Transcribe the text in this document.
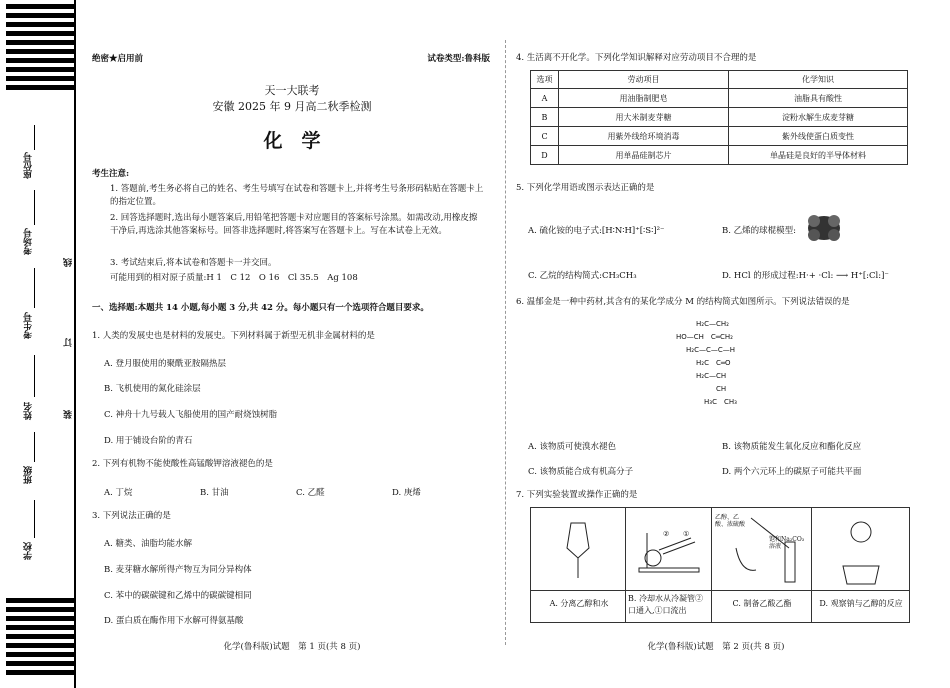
座位号
考场号
考生号
姓名
班级
学校
线
订
装
绝密★启用前	试卷类型:鲁科版
天一大联考
安徽 2025 年 9 月高二秋季检测
化　学
考生注意:
1. 答题前,考生务必将自己的姓名、考生号填写在试卷和答题卡上,并将考生号条形码粘贴在答题卡上的指定位置。
2. 回答选择题时,选出每小题答案后,用铅笔把答题卡对应题目的答案标号涂黑。如需改动,用橡皮擦干净后,再选涂其他答案标号。回答非选择题时,将答案写在答题卡上。写在本试卷上无效。
3. 考试结束后,将本试卷和答题卡一并交回。
可能用到的相对原子质量:H 1　C 12　O 16　Cl 35.5　Ag 108
一、选择题:本题共 14 小题,每小题 3 分,共 42 分。每小题只有一个选项符合题目要求。
1. 人类的发展史也是材料的发展史。下列材料属于新型无机非金属材料的是
A. 登月服使用的聚酰亚胺隔热层
B. 飞机使用的氮化硅涂层
C. 神舟十九号载人飞船使用的国产耐烧蚀树脂
D. 用于铺设台阶的青石
2. 下列有机物不能使酸性高锰酸钾溶液褪色的是
A. 丁烷	B. 甘油	C. 乙醛	D. 庚烯
3. 下列说法正确的是
A. 糖类、油脂均能水解
B. 麦芽糖水解所得产物互为同分异构体
C. 苯中的碳碳键和乙烯中的碳碳键相同
D. 蛋白质在酶作用下水解可得氨基酸
化学(鲁科版)试题　第 1 页(共 8 页)
4. 生活离不开化学。下列化学知识解释对应劳动项目不合理的是
选项	劳动项目	化学知识
A	用油脂制肥皂	油脂具有酸性
B	用大米制麦芽糖	淀粉水解生成麦芽糖
C	用紫外线给环境消毒	紫外线使蛋白质变性
D	用单晶硅制芯片	单晶硅是良好的半导体材料
5. 下列化学用语或图示表达正确的是
A. 硫化铵的电子式:[H∶N∶H]⁺[∶S∶]²⁻	B. 乙烯的球棍模型:
C. 乙烷的结构简式:CH₃CH₃	D. HCl 的形成过程:H·+ ·Cl: ⟶ H⁺[:Cl:]⁻
6. 温郁金是一种中药材,其含有的某化学成分 M 的结构简式如图所示。下列说法错误的是
H₂C—CH₂
HO—CH　C═CH₂
H₂C—C—C—H
H₂C　C═O
H₂C—CH
CH
H₃C　CH₃
A. 该物质可使溴水褪色	B. 该物质能发生氧化反应和酯化反应
C. 该物质能合成有机高分子	D. 两个六元环上的碳原子可能共平面
7. 下列实验装置或操作正确的是
乙醇、乙酸、浓硫酸
饱和Na₂CO₃溶液
② ①
A. 分离乙醇和水
B. 冷却水从冷凝管②口通入,①口流出
C. 制备乙酸乙酯	D. 观察钠与乙醇的反应
化学(鲁科版)试题　第 2 页(共 8 页)
